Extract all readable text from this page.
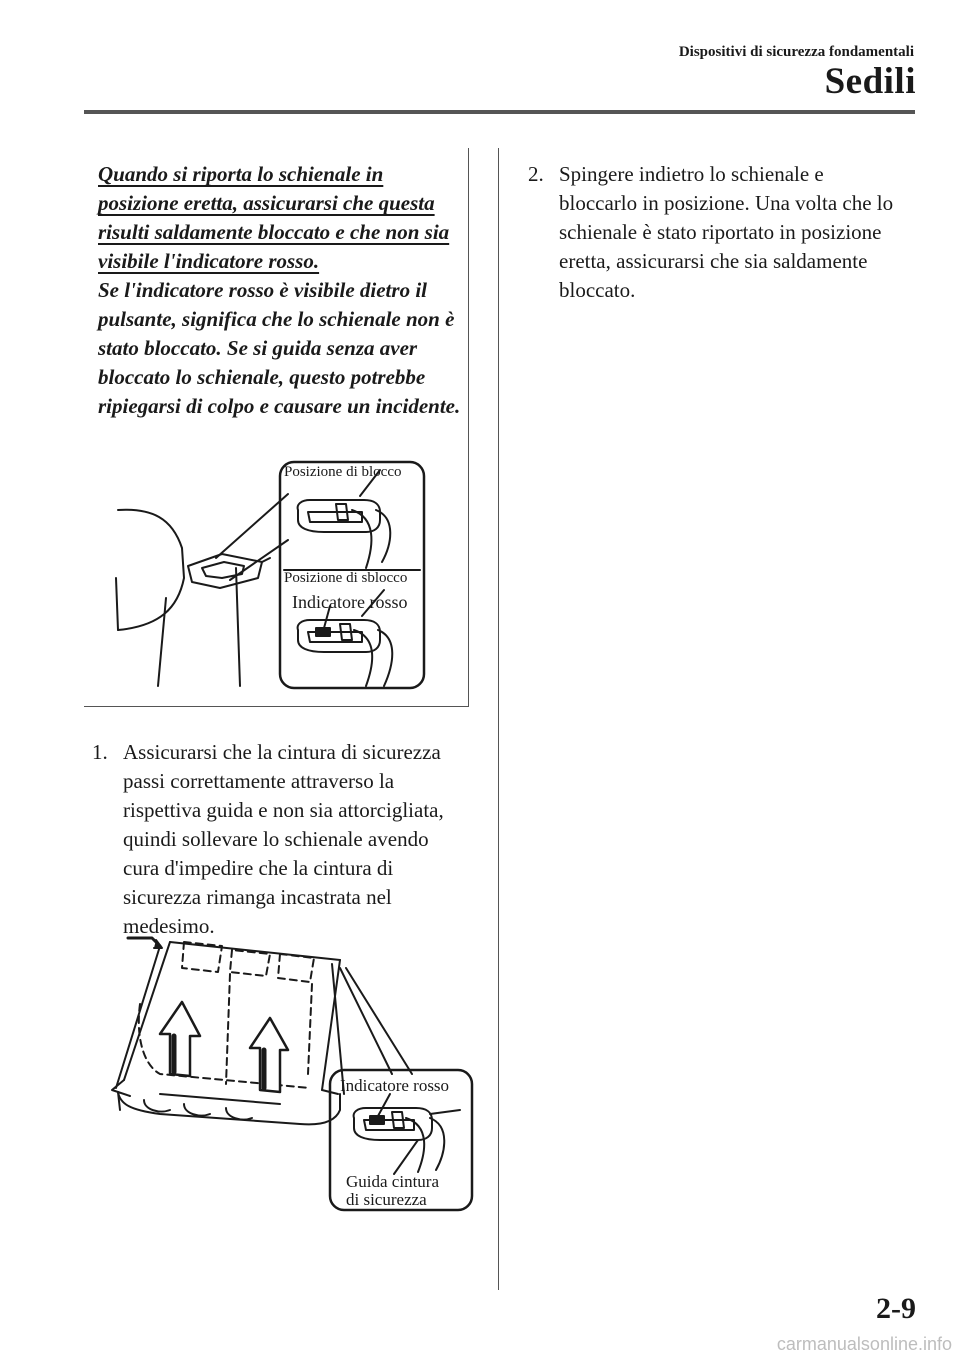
Dispositivi di sicurezza fondamentali
Sedili
Quando si riporta lo schienale in posizione eretta, assicurarsi che questa risulti saldamente bloccato e che non sia visibile l'indicatore rosso.
Se l'indicatore rosso è visibile dietro il pulsante, significa che lo schienale non è stato bloccato. Se si guida senza aver bloccato lo schienale, questo potrebbe ripiegarsi di colpo e causare un incidente.
Posizione di blocco
Posizione di sblocco
Indicatore rosso
1. Assicurarsi che la cintura di sicurezza passi correttamente attraverso la rispettiva guida e non sia attorcigliata, quindi sollevare lo schienale avendo cura d'impedire che la cintura di sicurezza rimanga incastrata nel medesimo.
Indicatore rosso
Guida cintura
di sicurezza
2. Spingere indietro lo schienale e bloccarlo in posizione. Una volta che lo schienale è stato riportato in posizione eretta, assicurarsi che sia saldamente bloccato.
2-9
carmanualsonline.info
